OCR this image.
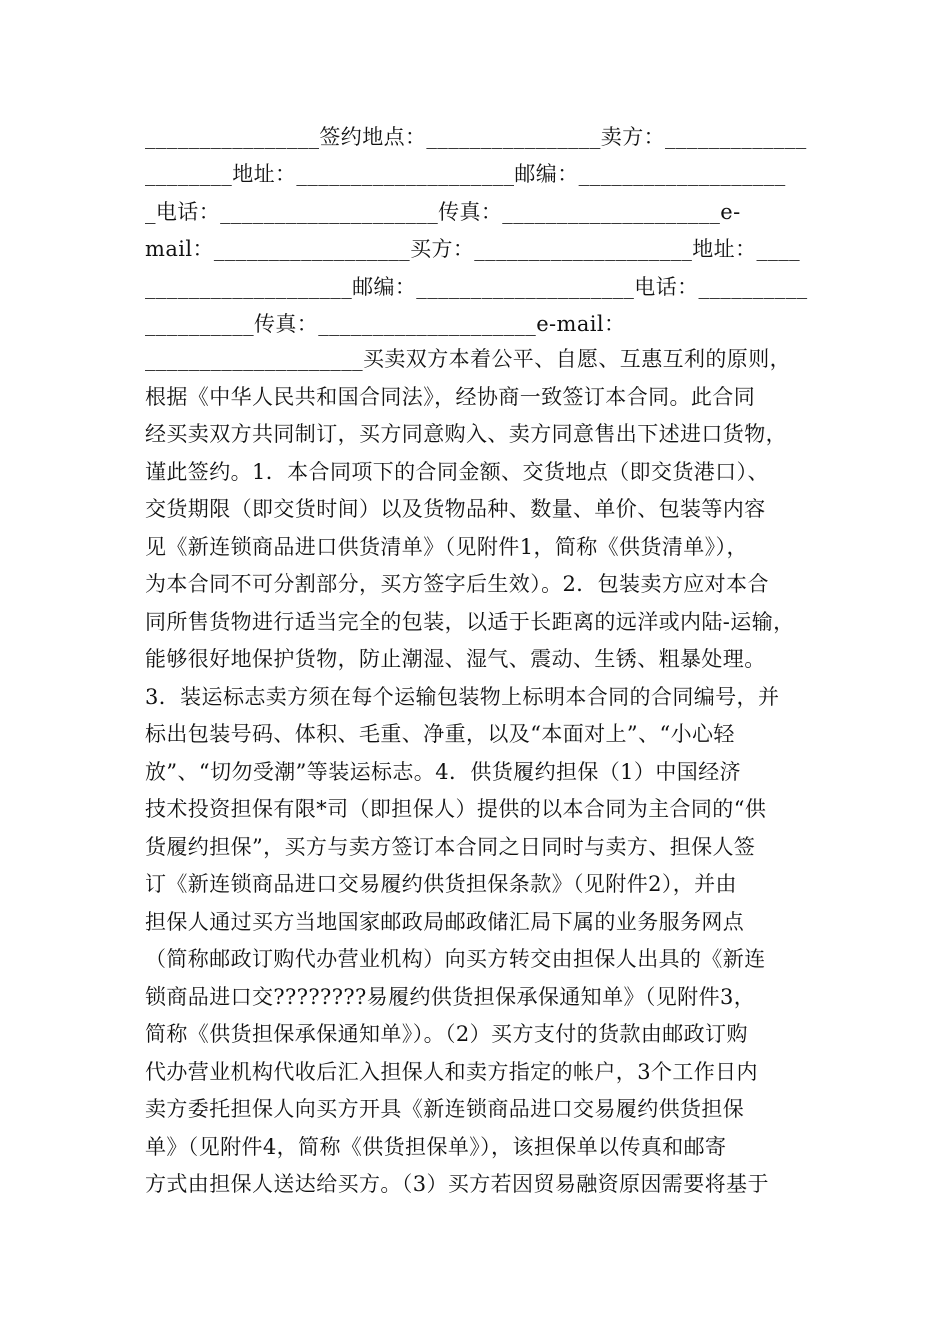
________________签约地点：________________卖方：_____________
________地址：____________________邮编：___________________
_电话：____________________传真：____________________e-
mail：__________________买方：____________________地址：____
___________________邮编：____________________电话：__________
__________传真：____________________e-mail：
____________________买卖双方本着公平、自愿、互惠互利的原则，
根据《中华人民共和国合同法》，经协商一致签订本合同。此合同
经买卖双方共同制订，买方同意购入、卖方同意售出下述进口货物，
谨此签约。1．本合同项下的合同金额、交货地点（即交货港口）、
交货期限（即交货时间）以及货物品种、数量、单价、包装等内容
见《新连锁商品进口供货清单》（见附件1，简称《供货清单》），
为本合同不可分割部分，买方签字后生效）。2．包装卖方应对本合
同所售货物进行适当完全的包装，以适于长距离的远洋或内陆-运输，
能够很好地保护货物，防止潮湿、湿气、震动、生锈、粗暴处理。
3．装运标志卖方须在每个运输包装物上标明本合同的合同编号，并
标出包装号码、体积、毛重、净重，以及“本面对上”、“小心轻
放”、“切勿受潮”等装运标志。4．供货履约担保（1）中国经济
技术投资担保有限*司（即担保人）提供的以本合同为主合同的“供
货履约担保”，买方与卖方签订本合同之日同时与卖方、担保人签
订《新连锁商品进口交易履约供货担保条款》（见附件2），并由
担保人通过买方当地国家邮政局邮政储汇局下属的业务服务网点
（简称邮政订购代办营业机构）向买方转交由担保人出具的《新连
锁商品进口交????????易履约供货担保承保通知单》（见附件3，
简称《供货担保承保通知单》）。（2）买方支付的货款由邮政订购
代办营业机构代收后汇入担保人和卖方指定的帐户，3个工作日内
卖方委托担保人向买方开具《新连锁商品进口交易履约供货担保
单》（见附件4，简称《供货担保单》），该担保单以传真和邮寄
方式由担保人送达给买方。（3）买方若因贸易融资原因需要将基于
